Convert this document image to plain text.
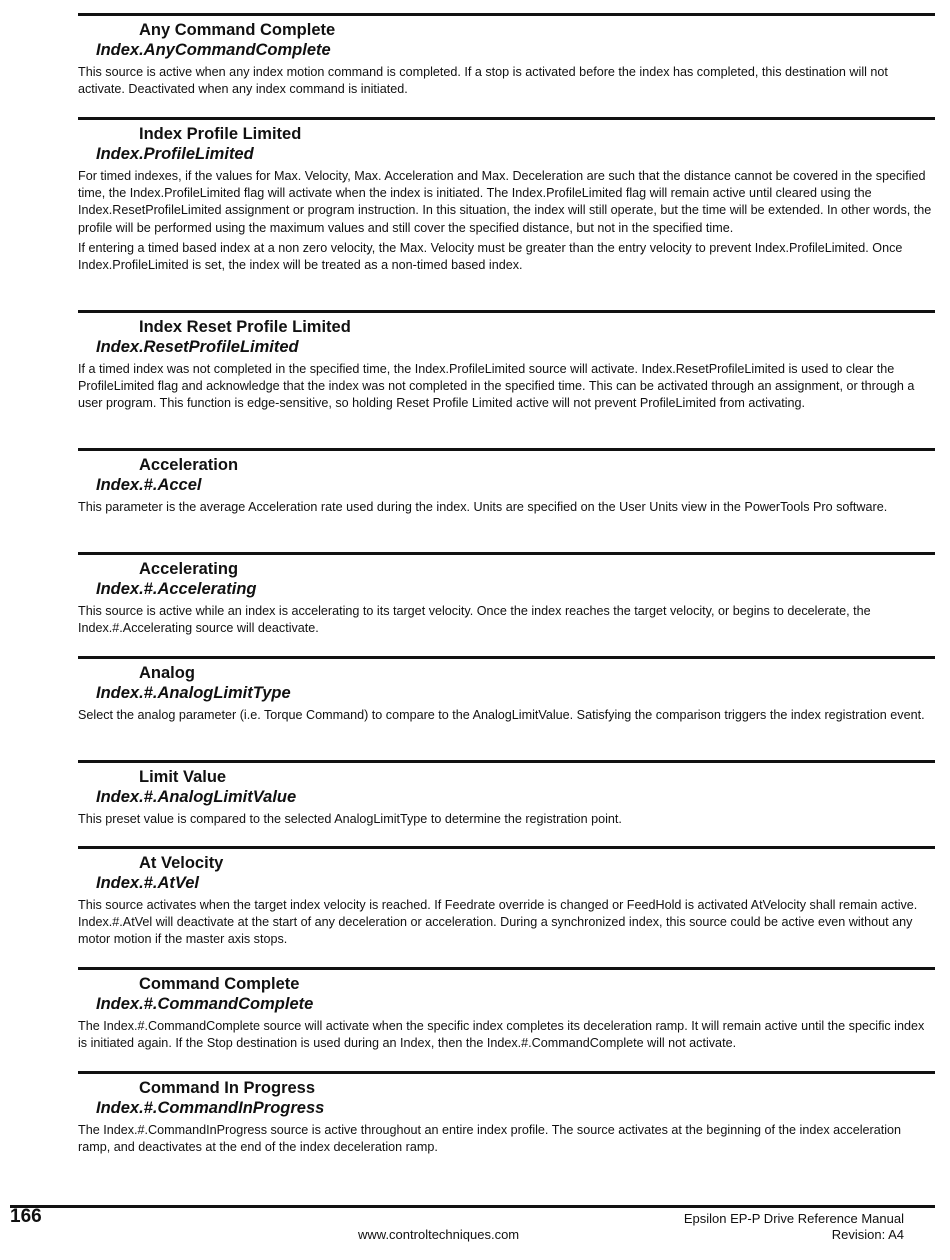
Any Command Complete
Index.AnyCommandComplete

This source is active when any index motion command is completed. If a stop is activated before the index has completed, this destination will not activate. Deactivated when any index command is initiated.

Index Profile Limited
Index.ProfileLimited

For timed indexes, if the values for Max. Velocity, Max. Acceleration and Max. Deceleration are such that the distance cannot be covered in the specified time, the Index.ProfileLimited flag will activate when the index is initiated. The Index.ProfileLimited flag will remain active until cleared using the Index.ResetProfileLimited assignment or program instruction. In this situation, the index will still operate, but the time will be extended. In other words, the profile will be performed using the maximum values and still cover the specified distance, but not in the specified time.

If entering a timed based index at a non zero velocity, the Max. Velocity must be greater than the entry velocity to prevent Index.ProfileLimited. Once Index.ProfileLimited is set, the index will be treated as a non-timed based index.

Index Reset Profile Limited
Index.ResetProfileLimited

If a timed index was not completed in the specified time, the Index.ProfileLimited source will activate. Index.ResetProfileLimited is used to clear the ProfileLimited flag and acknowledge that the index was not completed in the specified time. This can be activated through an assignment, or through a user program. This function is edge-sensitive, so holding Reset Profile Limited active will not prevent ProfileLimited from activating.

Acceleration
Index.#.Accel

This parameter is the average Acceleration rate used during the index. Units are specified on the User Units view in the PowerTools Pro software.

Accelerating
Index.#.Accelerating

This source is active while an index is accelerating to its target velocity. Once the index reaches the target velocity, or begins to decelerate, the Index.#.Accelerating source will deactivate.

Analog
Index.#.AnalogLimitType

Select the analog parameter (i.e. Torque Command) to compare to the AnalogLimitValue. Satisfying the comparison triggers the index registration event.

Limit Value
Index.#.AnalogLimitValue

This preset value is compared to the selected AnalogLimitType to determine the registration point.

At Velocity
Index.#.AtVel

This source activates when the target index velocity is reached. If Feedrate override is changed or FeedHold is activated AtVelocity shall remain active. Index.#.AtVel will deactivate at the start of any deceleration or acceleration. During a synchronized index, this source could be active even without any motor motion if the master axis stops.

Command Complete
Index.#.CommandComplete

The Index.#.CommandComplete source will activate when the specific index completes its deceleration ramp. It will remain active until the specific index is initiated again. If the Stop destination is used during an Index, then the Index.#.CommandComplete will not activate.

Command In Progress
Index.#.CommandInProgress

The Index.#.CommandInProgress source is active throughout an entire index profile. The source activates at the beginning of the index acceleration ramp, and deactivates at the end of the index deceleration ramp.

166	Epsilon EP-P Drive Reference Manual
www.controltechniques.com	Revision: A4
